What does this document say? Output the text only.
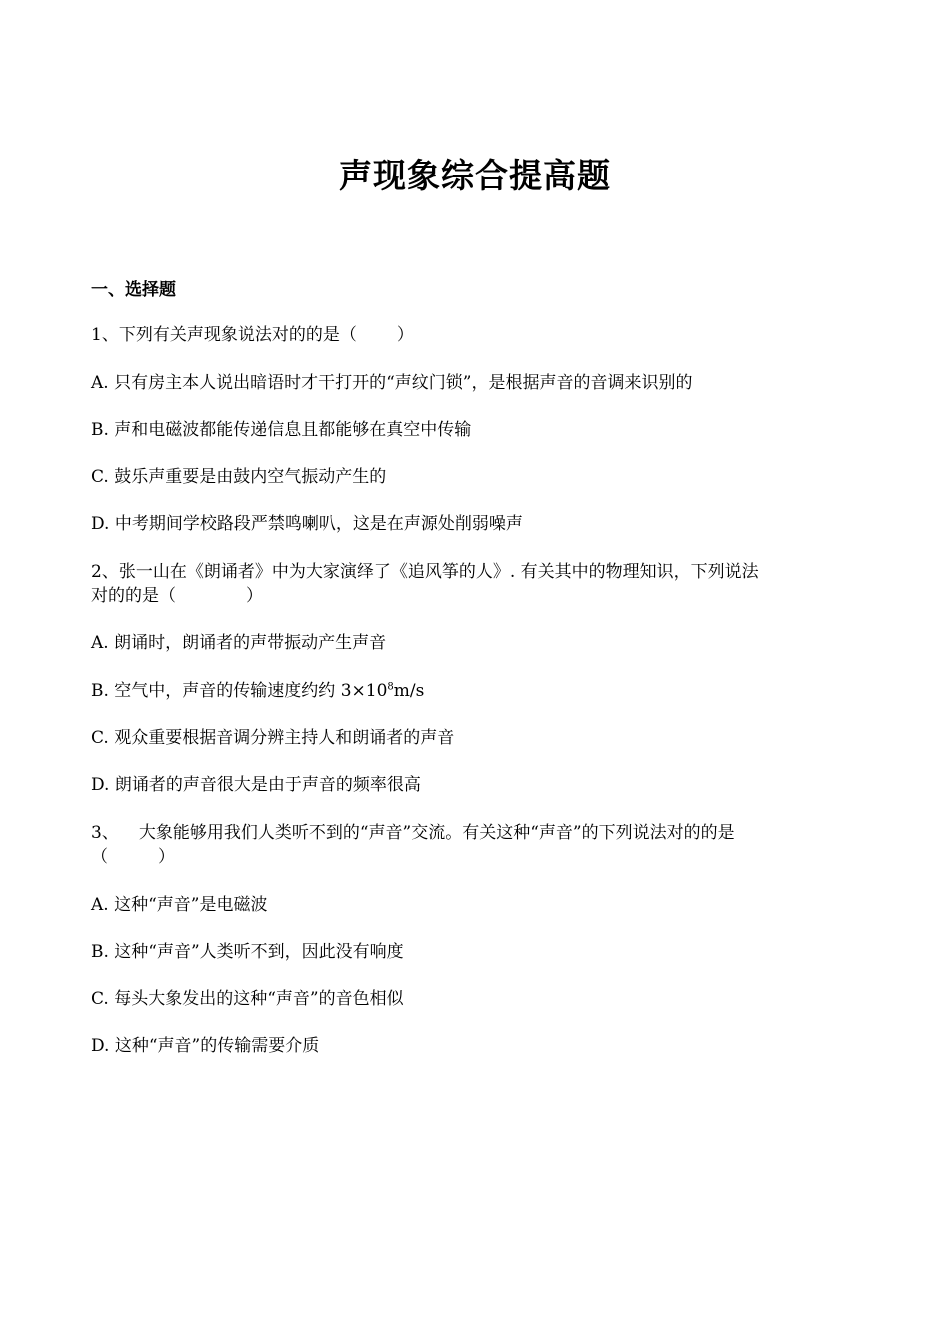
声现象综合提高题
一、选择题
1、下列有关声现象说法对的的是（ ）
A. 只有房主本人说出暗语时才干打开的“声纹门锁”，是根据声音的音调来识别的
B. 声和电磁波都能传递信息且都能够在真空中传输
C. 鼓乐声重要是由鼓内空气振动产生的
D. 中考期间学校路段严禁鸣喇叭，这是在声源处削弱噪声
2、张一山在《朗诵者》中为大家演绎了《追风筝的人》. 有关其中的物理知识，下列说法
对的的是（	）
A. 朗诵时，朗诵者的声带振动产生声音
B. 空气中，声音的传输速度约约 $3\times 10^8m/s$
C. 观众重要根据音调分辨主持人和朗诵者的声音
D. 朗诵者的声音很大是由于声音的频率很高
3、 大象能够用我们人类听不到的“声音”交流。有关这种“声音”的下列说法对的的是
（	）
A. 这种“声音”是电磁波
B. 这种“声音”人类听不到，因此没有响度
C. 每头大象发出的这种“声音”的音色相似
D. 这种“声音”的传输需要介质
